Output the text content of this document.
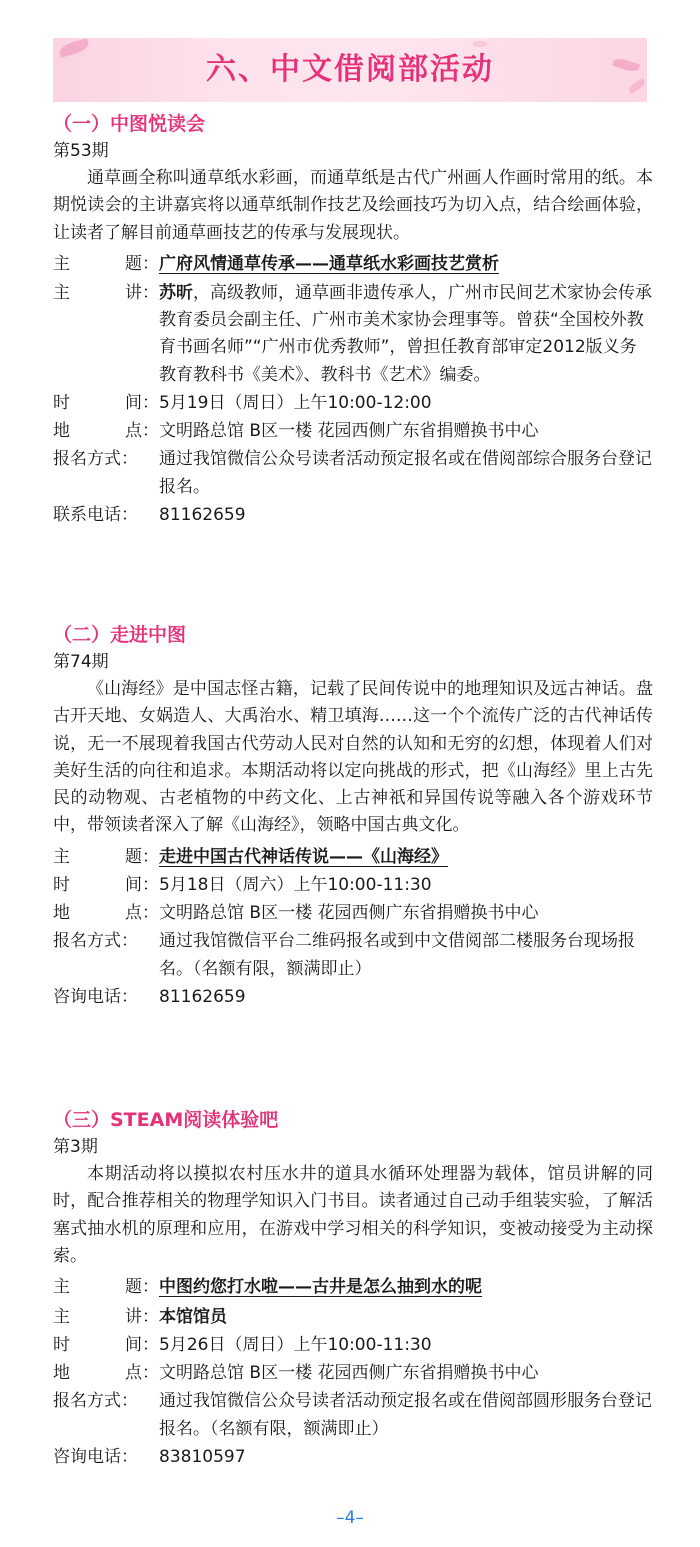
六、中文借阅部活动
（一）中图悦读会
第53期
通草画全称叫通草纸水彩画，而通草纸是古代广州画人作画时常用的纸。本期悦读会的主讲嘉宾将以通草纸制作技艺及绘画技巧为切入点，结合绘画体验，让读者了解目前通草画技艺的传承与发展现状。
主	题： 广府风情通草传承——通草纸水彩画技艺赏析
主	讲： 苏昕，高级教师，通草画非遗传承人，广州市民间艺术家协会传承教育委员会副主任、广州市美术家协会理事等。曾获“全国校外教育书画名师”“广州市优秀教师”，曾担任教育部审定2012版义务教育教科书《美术》、教科书《艺术》编委。
时	间： 5月19日（周日）上午10:00-12:00
地	点： 文明路总馆 B区一楼 花园西侧广东省捐赠换书中心
报名方式：	通过我馆微信公众号读者活动预定报名或在借阅部综合服务台登记报名。
联系电话：	81162659
（二）走进中图
第74期
《山海经》是中国志怪古籍，记载了民间传说中的地理知识及远古神话。盘古开天地、女娲造人、大禹治水、精卫填海……这一个个流传广泛的古代神话传说，无一不展现着我国古代劳动人民对自然的认知和无穷的幻想，体现着人们对美好生活的向往和追求。本期活动将以定向挑战的形式，把《山海经》里上古先民的动物观、古老植物的中药文化、上古神祇和异国传说等融入各个游戏环节中，带领读者深入了解《山海经》，领略中国古典文化。
主	题： 走进中国古代神话传说——《山海经》
时	间： 5月18日（周六）上午10:00-11:30
地	点： 文明路总馆 B区一楼 花园西侧广东省捐赠换书中心
报名方式：	通过我馆微信平台二维码报名或到中文借阅部二楼服务台现场报名。（名额有限，额满即止）
咨询电话：	81162659
（三）STEAM阅读体验吧
第3期
本期活动将以摸拟农村压水井的道具水循环处理器为载体，馆员讲解的同时，配合推荐相关的物理学知识入门书目。读者通过自己动手组装实验，了解活塞式抽水机的原理和应用，在游戏中学习相关的科学知识，变被动接受为主动探索。
主	题： 中图约您打水啦——古井是怎么抽到水的呢
主	讲： 本馆馆员
时	间： 5月26日（周日）上午10:00-11:30
地	点： 文明路总馆 B区一楼 花园西侧广东省捐赠换书中心
报名方式：	通过我馆微信公众号读者活动预定报名或在借阅部圆形服务台登记报名。（名额有限，额满即止）
咨询电话：	83810597
–4–
